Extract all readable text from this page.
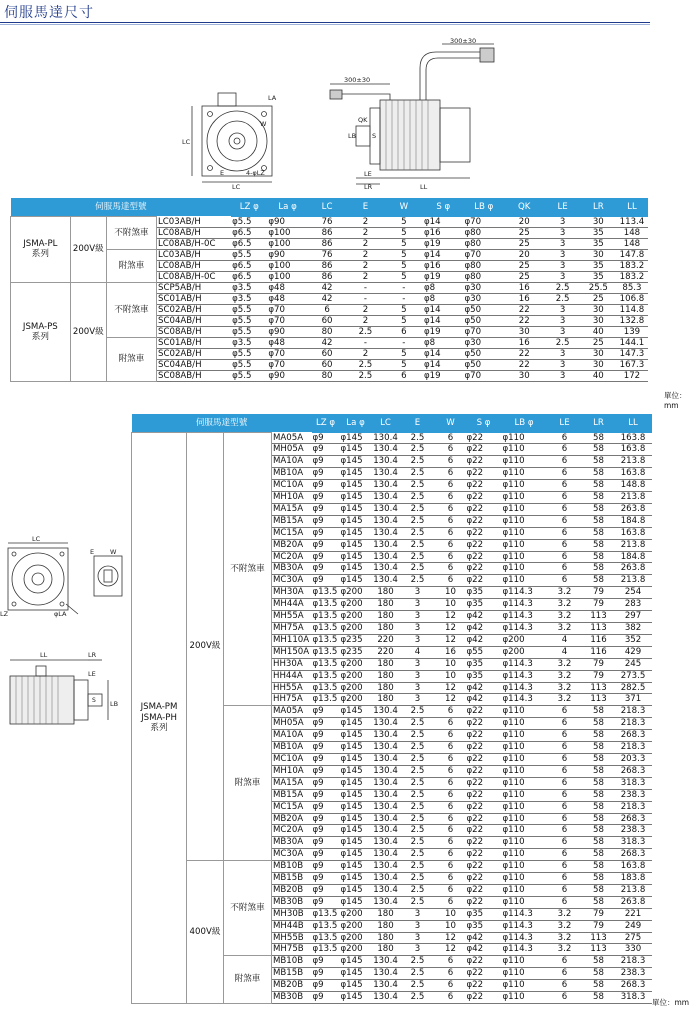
伺服馬達尺寸
300±30
300±30
LA
W
LC
4-φLZ
E
LC
LB S
QK
LE
LR	LL
伺服馬達型號				LZ φ	La φ	LC	E	W	S φ	LB φ	QK	LE	LR	LL
JSMA-PL
系列	200V級	不附煞車	LC03AB/H	φ5.5	φ90	76	2	5	φ14	φ70	20	3	30	113.4
			LC08AB/H	φ6.5	φ100	86	2	5	φ16	φ80	25	3	35	148
			LC08AB/H-0C	φ6.5	φ100	86	2	5	φ19	φ80	25	3	35	148
		附煞車	LC03AB/H	φ5.5	φ90	76	2	5	φ14	φ70	20	3	30	147.8
			LC08AB/H	φ6.5	φ100	86	2	5	φ16	φ80	25	3	35	183.2
			LC08AB/H-0C	φ6.5	φ100	86	2	5	φ19	φ80	25	3	35	183.2
JSMA-PS
系列	200V級	不附煞車	SCP5AB/H	φ3.5	φ48	42	-	-	φ8	φ30	16	2.5	25.5	85.3
			SC01AB/H	φ3.5	φ48	42	-	-	φ8	φ30	16	2.5	25	106.8
			SC02AB/H	φ5.5	φ70	6	2	5	φ14	φ50	22	3	30	114.8
			SC04AB/H	φ5.5	φ70	60	2	5	φ14	φ50	22	3	30	132.8
			SC08AB/H	φ5.5	φ90	80	2.5	6	φ19	φ70	30	3	40	139
		附煞車	SC01AB/H	φ3.5	φ48	42	-	-	φ8	φ30	16	2.5	25	144.1
			SC02AB/H	φ5.5	φ70	60	2	5	φ14	φ50	22	3	30	147.3
			SC04AB/H	φ5.5	φ70	60	2.5	5	φ14	φ50	22	3	30	167.3
			SC08AB/H	φ5.5	φ90	80	2.5	6	φ19	φ70	30	3	40	172
單位：mm
伺服馬達型號				LZ φ	La φ	LC	E	W	S φ	LB φ	LE	LR	LL
JSMA-PM
JSMA-PH
系列	200V級	不附煞車	MA05A	φ9	φ145	130.4	2.5	6	φ22	φ110	6	58	163.8
			MH05A	φ9	φ145	130.4	2.5	6	φ22	φ110	6	58	163.8
			MA10A	φ9	φ145	130.4	2.5	6	φ22	φ110	6	58	213.8
			MB10A	φ9	φ145	130.4	2.5	6	φ22	φ110	6	58	163.8
			MC10A	φ9	φ145	130.4	2.5	6	φ22	φ110	6	58	148.8
			MH10A	φ9	φ145	130.4	2.5	6	φ22	φ110	6	58	213.8
			MA15A	φ9	φ145	130.4	2.5	6	φ22	φ110	6	58	263.8
			MB15A	φ9	φ145	130.4	2.5	6	φ22	φ110	6	58	184.8
			MC15A	φ9	φ145	130.4	2.5	6	φ22	φ110	6	58	163.8
			MB20A	φ9	φ145	130.4	2.5	6	φ22	φ110	6	58	213.8
			MC20A	φ9	φ145	130.4	2.5	6	φ22	φ110	6	58	184.8
			MB30A	φ9	φ145	130.4	2.5	6	φ22	φ110	6	58	263.8
			MC30A	φ9	φ145	130.4	2.5	6	φ22	φ110	6	58	213.8
			MH30A	φ13.5	φ200	180	3	10	φ35	φ114.3	3.2	79	254
			MH44A	φ13.5	φ200	180	3	10	φ35	φ114.3	3.2	79	283
			MH55A	φ13.5	φ200	180	3	12	φ42	φ114.3	3.2	113	297
			MH75A	φ13.5	φ200	180	3	12	φ42	φ114.3	3.2	113	382
			MH110A	φ13.5	φ235	220	3	12	φ42	φ200	4	116	352
			MH150A	φ13.5	φ235	220	4	16	φ55	φ200	4	116	429
			HH30A	φ13.5	φ200	180	3	10	φ35	φ114.3	3.2	79	245
			HH44A	φ13.5	φ200	180	3	10	φ35	φ114.3	3.2	79	273.5
			HH55A	φ13.5	φ200	180	3	12	φ42	φ114.3	3.2	113	282.5
			HH75A	φ13.5	φ200	180	3	12	φ42	φ114.3	3.2	113	371
		附煞車	MA05A	φ9	φ145	130.4	2.5	6	φ22	φ110	6	58	218.3
			MH05A	φ9	φ145	130.4	2.5	6	φ22	φ110	6	58	218.3
			MA10A	φ9	φ145	130.4	2.5	6	φ22	φ110	6	58	268.3
			MB10A	φ9	φ145	130.4	2.5	6	φ22	φ110	6	58	218.3
			MC10A	φ9	φ145	130.4	2.5	6	φ22	φ110	6	58	203.3
			MH10A	φ9	φ145	130.4	2.5	6	φ22	φ110	6	58	268.3
			MA15A	φ9	φ145	130.4	2.5	6	φ22	φ110	6	58	318.3
			MB15A	φ9	φ145	130.4	2.5	6	φ22	φ110	6	58	238.3
			MC15A	φ9	φ145	130.4	2.5	6	φ22	φ110	6	58	218.3
			MB20A	φ9	φ145	130.4	2.5	6	φ22	φ110	6	58	268.3
			MC20A	φ9	φ145	130.4	2.5	6	φ22	φ110	6	58	238.3
			MB30A	φ9	φ145	130.4	2.5	6	φ22	φ110	6	58	318.3
			MC30A	φ9	φ145	130.4	2.5	6	φ22	φ110	6	58	268.3
	400V級	不附煞車	MB10B	φ9	φ145	130.4	2.5	6	φ22	φ110	6	58	163.8
			MB15B	φ9	φ145	130.4	2.5	6	φ22	φ110	6	58	183.8
			MB20B	φ9	φ145	130.4	2.5	6	φ22	φ110	6	58	213.8
			MB30B	φ9	φ145	130.4	2.5	6	φ22	φ110	6	58	263.8
			MH30B	φ13.5	φ200	180	3	10	φ35	φ114.3	3.2	79	221
			MH44B	φ13.5	φ200	180	3	10	φ35	φ114.3	3.2	79	249
			MH55B	φ13.5	φ200	180	3	12	φ42	φ114.3	3.2	113	275
			MH75B	φ13.5	φ200	180	3	12	φ42	φ114.3	3.2	113	330
		附煞車	MB10B	φ9	φ145	130.4	2.5	6	φ22	φ110	6	58	218.3
			MB15B	φ9	φ145	130.4	2.5	6	φ22	φ110	6	58	238.3
			MB20B	φ9	φ145	130.4	2.5	6	φ22	φ110	6	58	268.3
			MB30B	φ9	φ145	130.4	2.5	6	φ22	φ110	6	58	318.3
單位：mm
LC
E W
LZ	φLA
LL	LR
LE
LB
S
